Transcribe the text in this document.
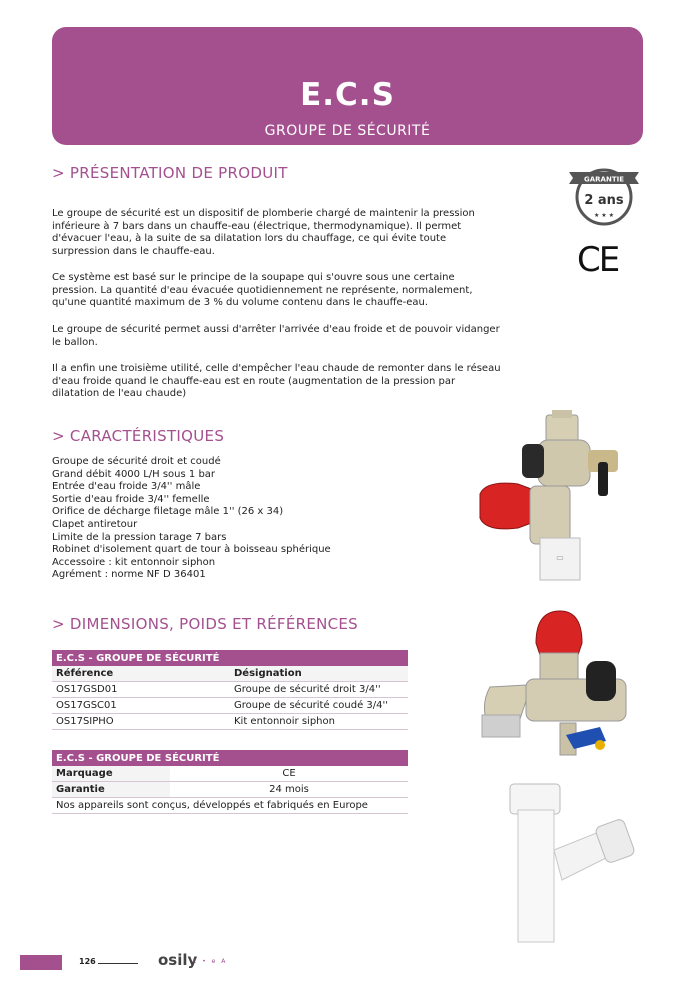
E.C.S
GROUPE DE SÉCURITÉ
> PRÉSENTATION DE PRODUIT

Le groupe de sécurité est un dispositif de plomberie chargé de maintenir la pression inférieure à 7 bars dans un chauffe-eau (électrique, thermodynamique). Il permet d'évacuer l'eau, à la suite de sa dilatation lors du chauffage, ce qui évite toute surpression dans le chauffe-eau.

Ce système est basé sur le principe de la soupape qui s'ouvre sous une certaine pression. La quantité d'eau évacuée quotidiennement ne représente, normalement, qu'une quantité maximum de 3 % du volume contenu dans le chauffe-eau.

Le groupe de sécurité permet aussi d'arrêter l'arrivée d'eau froide et de pouvoir vidanger le ballon.

Il a enfin une troisième utilité, celle d'empêcher l'eau chaude de remonter dans le réseau d'eau froide quand le chauffe-eau est en route (augmentation de la pression par dilatation de l'eau chaude)

GARANTIE
2 ans
★ ★ ★
CE
> CARACTÉRISTIQUES
Groupe de sécurité droit et coudé
Grand débit 4000 L/H sous 1 bar
Entrée d'eau froide 3/4'' mâle
Sortie d'eau froide 3/4'' femelle
Orifice de décharge filetage mâle 1'' (26 x 34)
Clapet antiretour
Limite de la pression tarage 7 bars
Robinet d'isolement quart de tour à boisseau sphérique
Accessoire : kit entonnoir siphon
Agrément : norme NF D 36401
▭
> DIMENSIONS, POIDS ET RÉFÉRENCES
E.C.S - GROUPE DE SÉCURITÉ	
Référence	Désignation
OS17GSD01	Groupe de sécurité droit 3/4''
OS17GSC01	Groupe de sécurité coudé 3/4''
OS17SIPHO	Kit entonnoir siphon
E.C.S - GROUPE DE SÉCURITÉ	
Marquage	CE
Garantie	24 mois
Nos appareils sont conçus, développés et fabriqués en Europe	
126	osily
c • e A
